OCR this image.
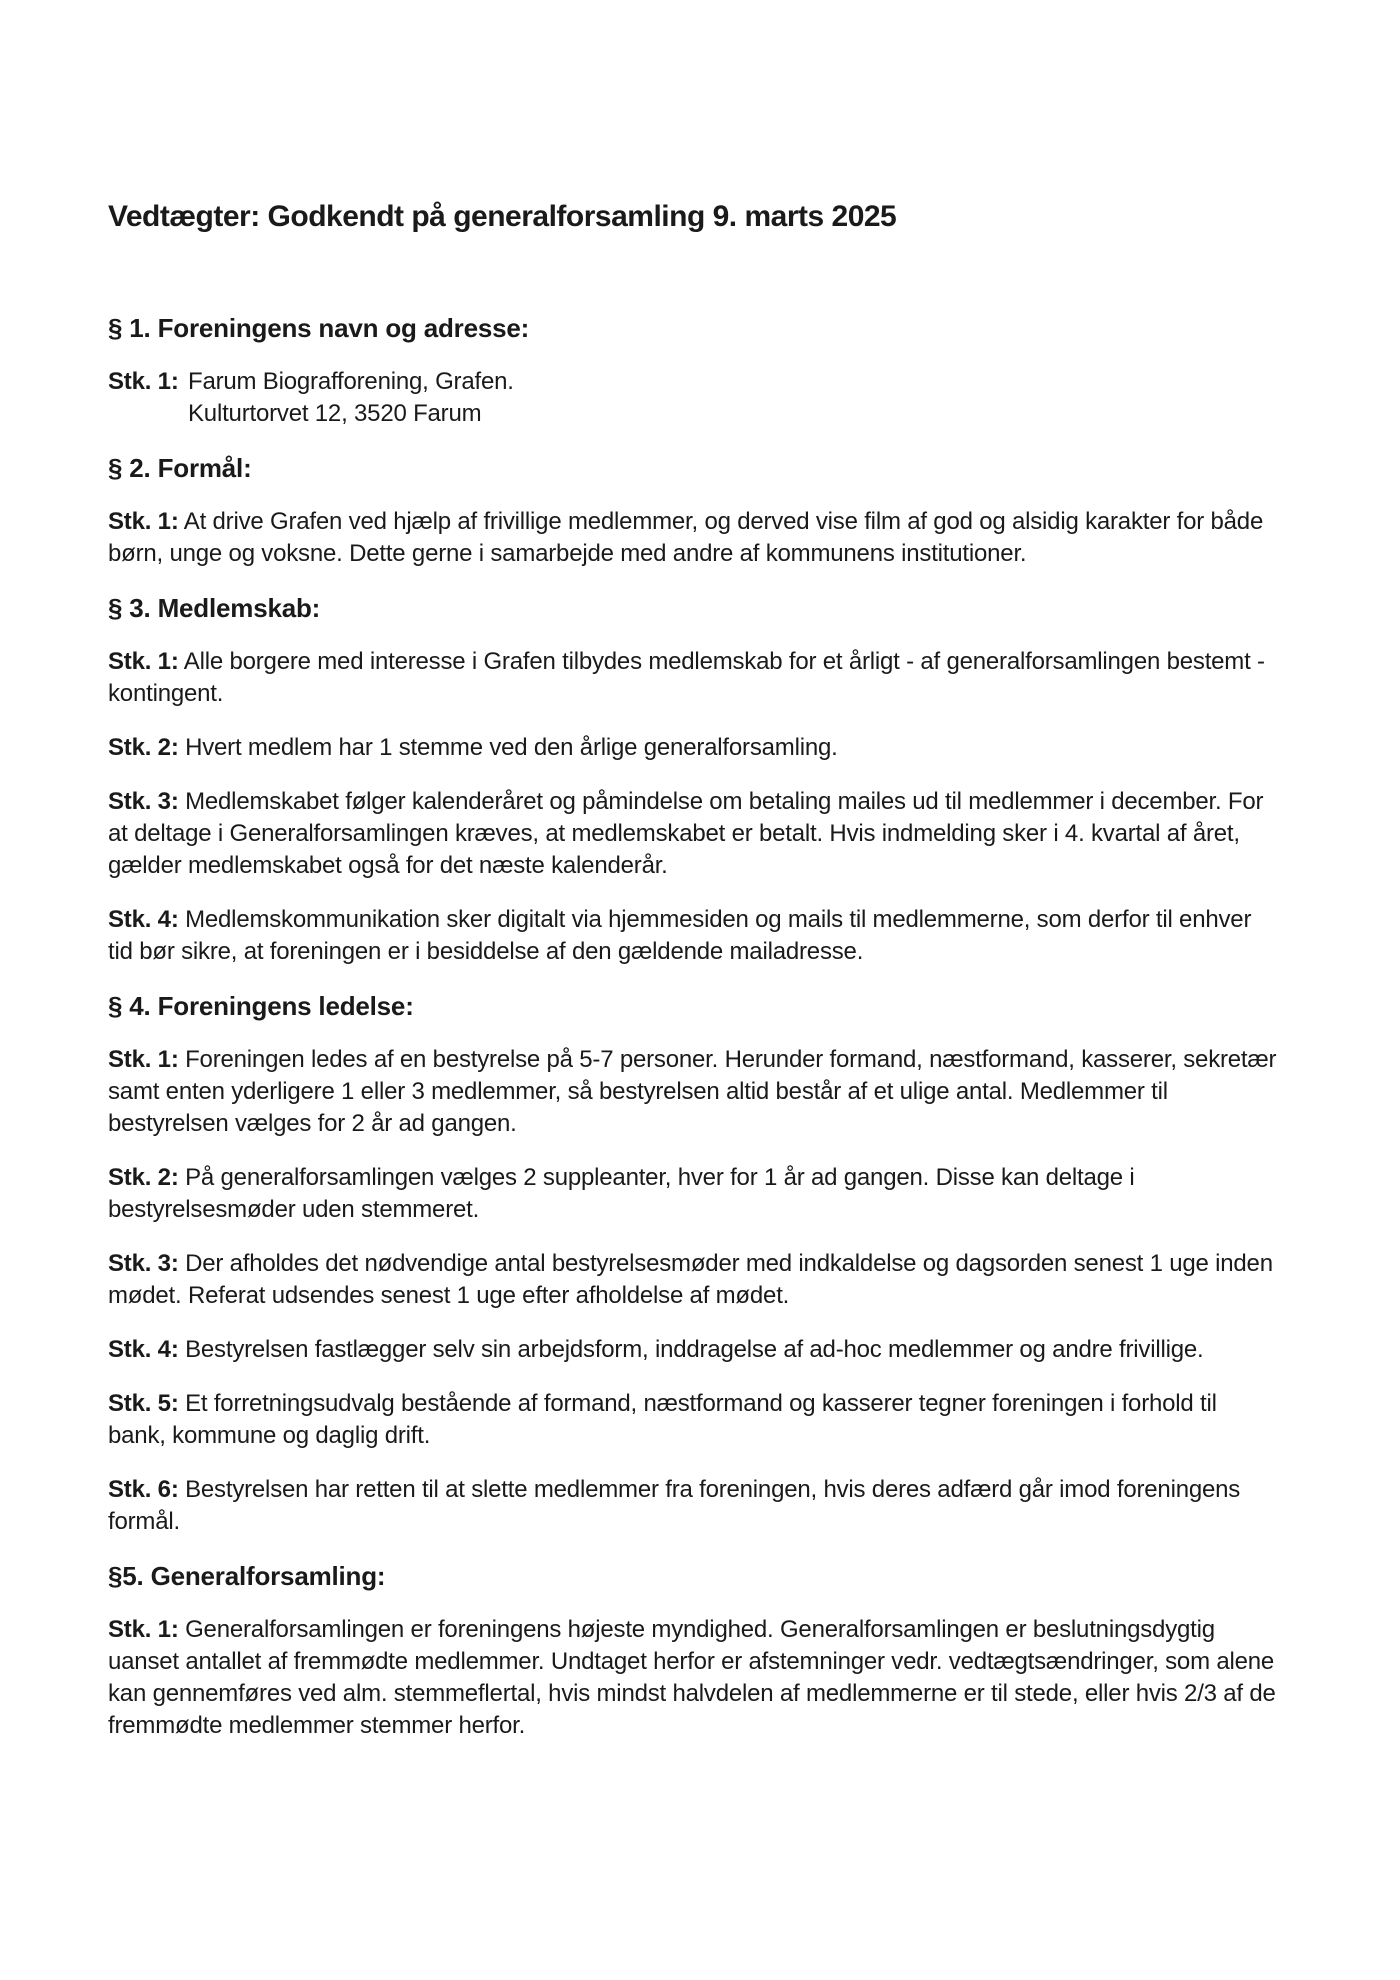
Vedtægter: Godkendt på generalforsamling 9. marts 2025
§ 1. Foreningens navn og adresse:

Stk. 1: Farum Biografforening, Grafen.
Kulturtorvet 12, 3520 Farum

§ 2. Formål:

Stk. 1: At drive Grafen ved hjælp af frivillige medlemmer, og derved vise film af god og alsidig karakter for både børn, unge og voksne. Dette gerne i samarbejde med andre af kommunens institutioner.

§ 3. Medlemskab:

Stk. 1: Alle borgere med interesse i Grafen tilbydes medlemskab for et årligt - af generalforsamlingen bestemt - kontingent.

Stk. 2: Hvert medlem har 1 stemme ved den årlige generalforsamling.

Stk. 3: Medlemskabet følger kalenderåret og påmindelse om betaling mailes ud til medlemmer i december. For at deltage i Generalforsamlingen kræves, at medlemskabet er betalt. Hvis indmelding sker i 4. kvartal af året, gælder medlemskabet også for det næste kalenderår.

Stk. 4: Medlemskommunikation sker digitalt via hjemmesiden og mails til medlemmerne, som derfor til enhver tid bør sikre, at foreningen er i besiddelse af den gældende mailadresse.

§ 4. Foreningens ledelse:

Stk. 1: Foreningen ledes af en bestyrelse på 5-7 personer. Herunder formand, næstformand, kasserer, sekretær samt enten yderligere 1 eller 3 medlemmer, så bestyrelsen altid består af et ulige antal. Medlemmer til bestyrelsen vælges for 2 år ad gangen.

Stk. 2: På generalforsamlingen vælges 2 suppleanter, hver for 1 år ad gangen. Disse kan deltage i bestyrelsesmøder uden stemmeret.

Stk. 3: Der afholdes det nødvendige antal bestyrelsesmøder med indkaldelse og dagsorden senest 1 uge inden mødet. Referat udsendes senest 1 uge efter afholdelse af mødet.

Stk. 4: Bestyrelsen fastlægger selv sin arbejdsform, inddragelse af ad-hoc medlemmer og andre frivillige.

Stk. 5: Et forretningsudvalg bestående af formand, næstformand og kasserer tegner foreningen i forhold til bank, kommune og daglig drift.

Stk. 6: Bestyrelsen har retten til at slette medlemmer fra foreningen, hvis deres adfærd går imod foreningens formål.

§5. Generalforsamling:

Stk. 1: Generalforsamlingen er foreningens højeste myndighed. Generalforsamlingen er beslutningsdygtig uanset antallet af fremmødte medlemmer. Undtaget herfor er afstemninger vedr. vedtægtsændringer, som alene kan gennemføres ved alm. stemmeflertal, hvis mindst halvdelen af medlemmerne er til stede, eller hvis 2/3 af de fremmødte medlemmer stemmer herfor.
